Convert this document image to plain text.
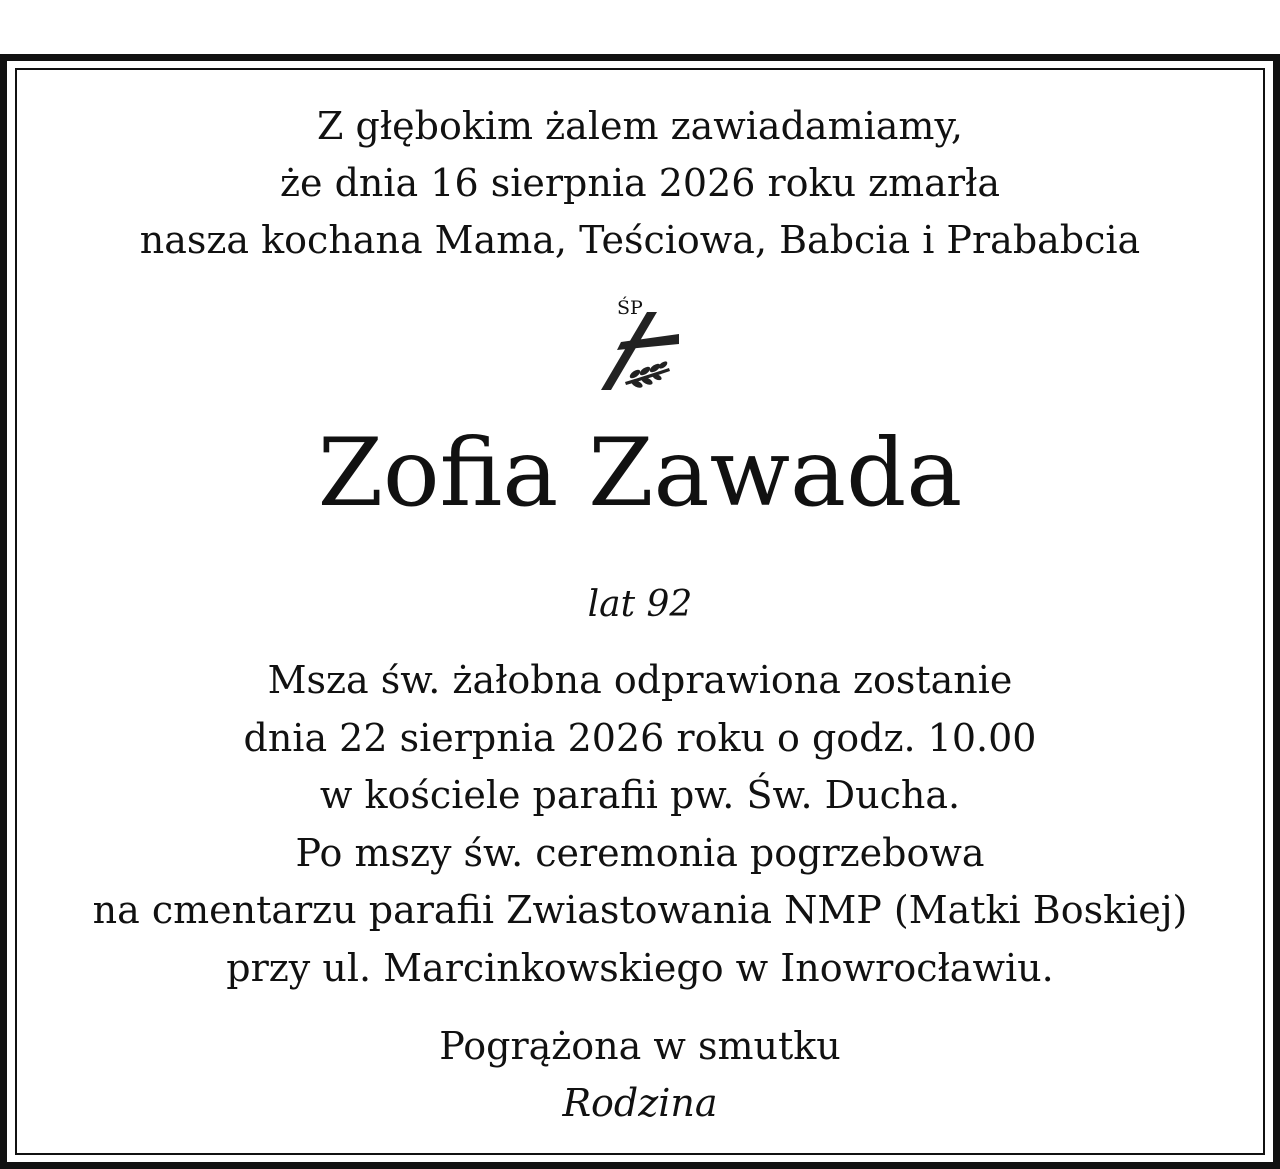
Z głębokim żalem zawiadamiamy,
że dnia 16 sierpnia 2026 roku zmarła
nasza kochana Mama, Teściowa, Babcia i Prababcia
ŚP
Zofia Zawada
lat 92
Msza św. żałobna odprawiona zostanie
dnia 22 sierpnia 2026 roku o godz. 10.00
w kościele parafii pw. Św. Ducha.
Po mszy św. ceremonia pogrzebowa
na cmentarzu parafii Zwiastowania NMP (Matki Boskiej)
przy ul. Marcinkowskiego w Inowrocławiu.
Pogrążona w smutku
Rodzina
